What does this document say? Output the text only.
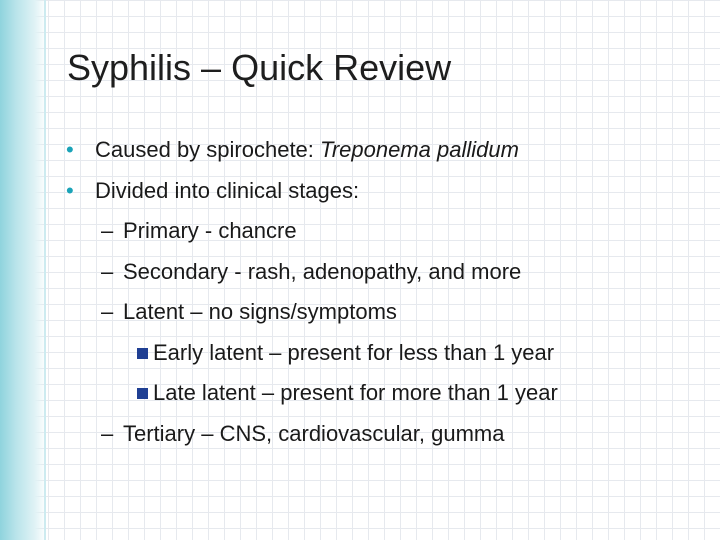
Syphilis – Quick Review
• Caused by spirochete: Treponema pallidum
• Divided into clinical stages:
– Primary - chancre
– Secondary - rash, adenopathy, and more
– Latent – no signs/symptoms
Early latent – present for less than 1 year
Late latent – present for more than 1 year
– Tertiary – CNS, cardiovascular, gumma
